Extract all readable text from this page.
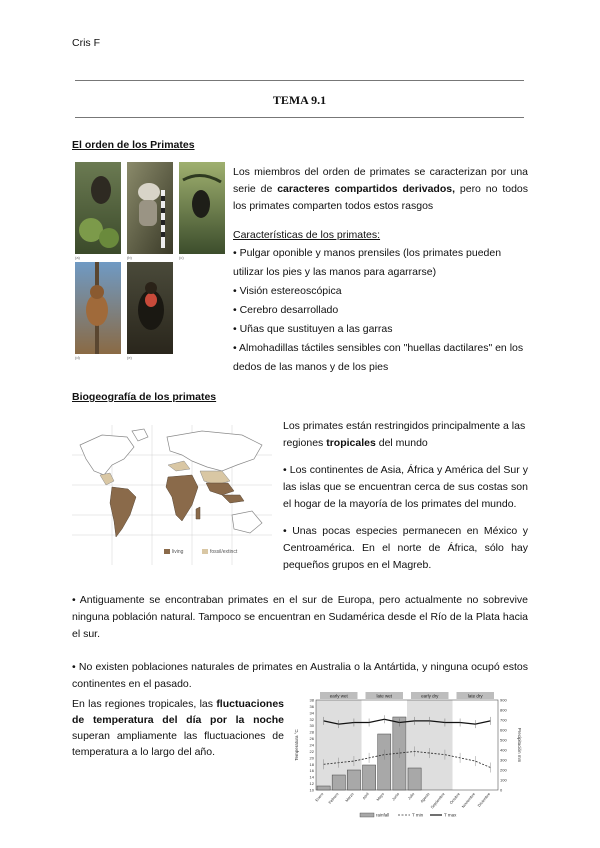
Cris F
TEMA 9.1
El orden de los Primates
(a)	(b)	(c)
(d)	(e)

Los miembros del orden de primates se caracterizan por una serie de caracteres compartidos derivados, pero no todos los primates comparten todos estos rasgos

Características de los primates:

• Pulgar oponible y manos prensiles (los primates pueden utilizar los pies y las manos para agarrarse)

• Visión estereoscópica

• Cerebro desarrollado

• Uñas que sustituyen a las garras

• Almohadillas táctiles sensibles con "huellas dactilares" en los dedos de las manos y de los pies

Biogeografía de los primates
living	fossil/extinct

Los primates están restringidos principalmente a las regiones tropicales del mundo

• Los continentes de Asia, África y América del Sur y las islas que se encuentran cerca de sus costas son el hogar de la mayoría de los primates del mundo.

• Unas pocas especies permanecen en México y Centroamérica. En el norte de África, sólo hay pequeños grupos en el Magreb.

• Antiguamente se encontraban primates en el sur de Europa, pero actualmente no sobrevive ninguna población natural. Tampoco se encuentran en Sudamérica desde el Río de la Plata hacia el sur.

• No existen poblaciones naturales de primates en Australia o la Antártida, y ninguna ocupó estos continentes en el pasado.

En las regiones tropicales, las fluctuaciones de temperatura del día por la noche superan ampliamente las fluctuaciones de temperatura a lo largo del año.

early wet	late wet	early dry	late dry
38
36
34
32
30
28
26
24
22
20
18
16
14
12
10
900
800
700
600
500
400
300
200
100
0
Enero Febrero Marzo Abril Mayo Junio Julio Agosto Septiembre Octubre Noviembre Diciembre
Temperatura °C	Precipitación mm
rainfall	T min	T max
